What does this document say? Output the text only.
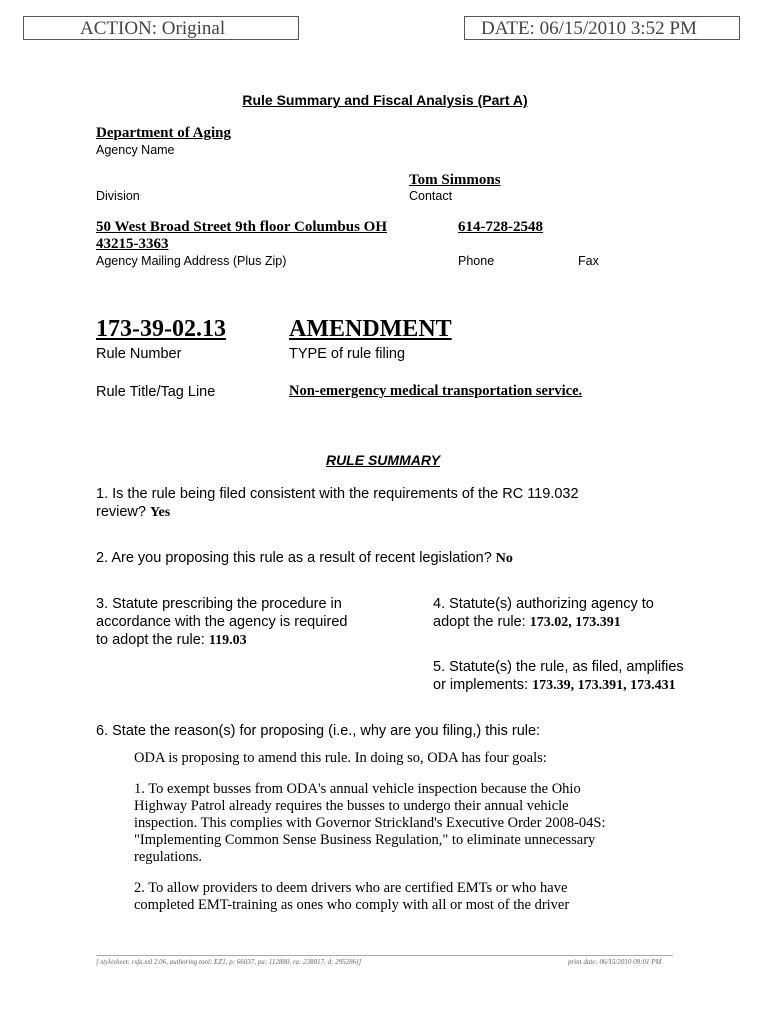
ACTION: Original	DATE: 06/15/2010 3:52 PM
Rule Summary and Fiscal Analysis (Part A)
Department of Aging
Agency Name
Tom Simmons
Division	Contact
50 West Broad Street 9th floor Columbus OH
43215-3363
614-728-2548
Agency Mailing Address (Plus Zip)	Phone	Fax
173-39-02.13	AMENDMENT
Rule Number	TYPE of rule filing
Rule Title/Tag Line	Non-emergency medical transportation service.
RULE SUMMARY
1. Is the rule being filed consistent with the requirements of the RC 119.032
review? Yes
2. Are you proposing this rule as a result of recent legislation? No
3. Statute prescribing the procedure in
accordance with the agency is required
to adopt the rule: 119.03
4. Statute(s) authorizing agency to
adopt the rule: 173.02, 173.391
5. Statute(s) the rule, as filed, amplifies
or implements: 173.39, 173.391, 173.431
6. State the reason(s) for proposing (i.e., why are you filing,) this rule:
ODA is proposing to amend this rule. In doing so, ODA has four goals:
1. To exempt busses from ODA's annual vehicle inspection because the Ohio
Highway Patrol already requires the busses to undergo their annual vehicle
inspection. This complies with Governor Strickland's Executive Order 2008-04S:
"Implementing Common Sense Business Regulation," to eliminate unnecessary
regulations.
2. To allow providers to deem drivers who are certified EMTs or who have
completed EMT-training as ones who comply with all or most of the driver
[ stylesheet: rsfa.xsl 2.06, authoring tool: EZ1, p: 66037, pa: 112880, ra: 238817, d: 295286)]	print date: 06/15/2010 09:01 PM
